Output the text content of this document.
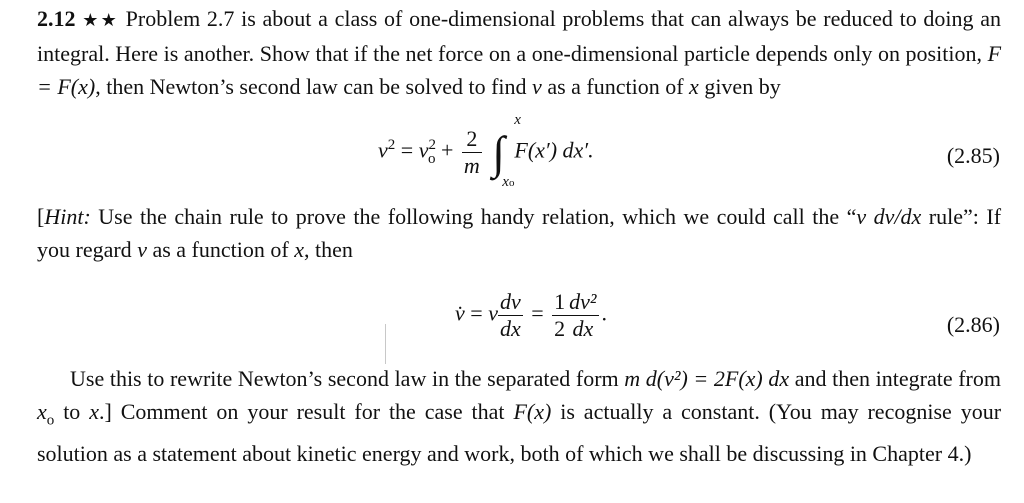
2.12 ★★ Problem 2.7 is about a class of one-dimensional problems that can always be reduced to doing an integral. Here is another. Show that if the net force on a one-dimensional particle depends only on position, F = F(x), then Newton’s second law can be solved to find v as a function of x given by

$v^2 = v^2_o + \frac{2}{m}$ ∫
x
xo
F(x′) dx′.	(2.85)

[Hint: Use the chain rule to prove the following handy relation, which we could call the “v dv/dx rule”: If you regard v as a function of x, then

v̇ = v $\frac{dv}{dx} = \frac{1}{2} \frac{\text{dv²}}{dx}$ .	(2.86)

Use this to rewrite Newton’s second law in the separated form m d(v²) = 2F(x) dx and then integrate from $x_o$ to x.] Comment on your result for the case that F(x) is actually a constant. (You may recognise your solution as a statement about kinetic energy and work, both of which we shall be discussing in Chapter 4.)
